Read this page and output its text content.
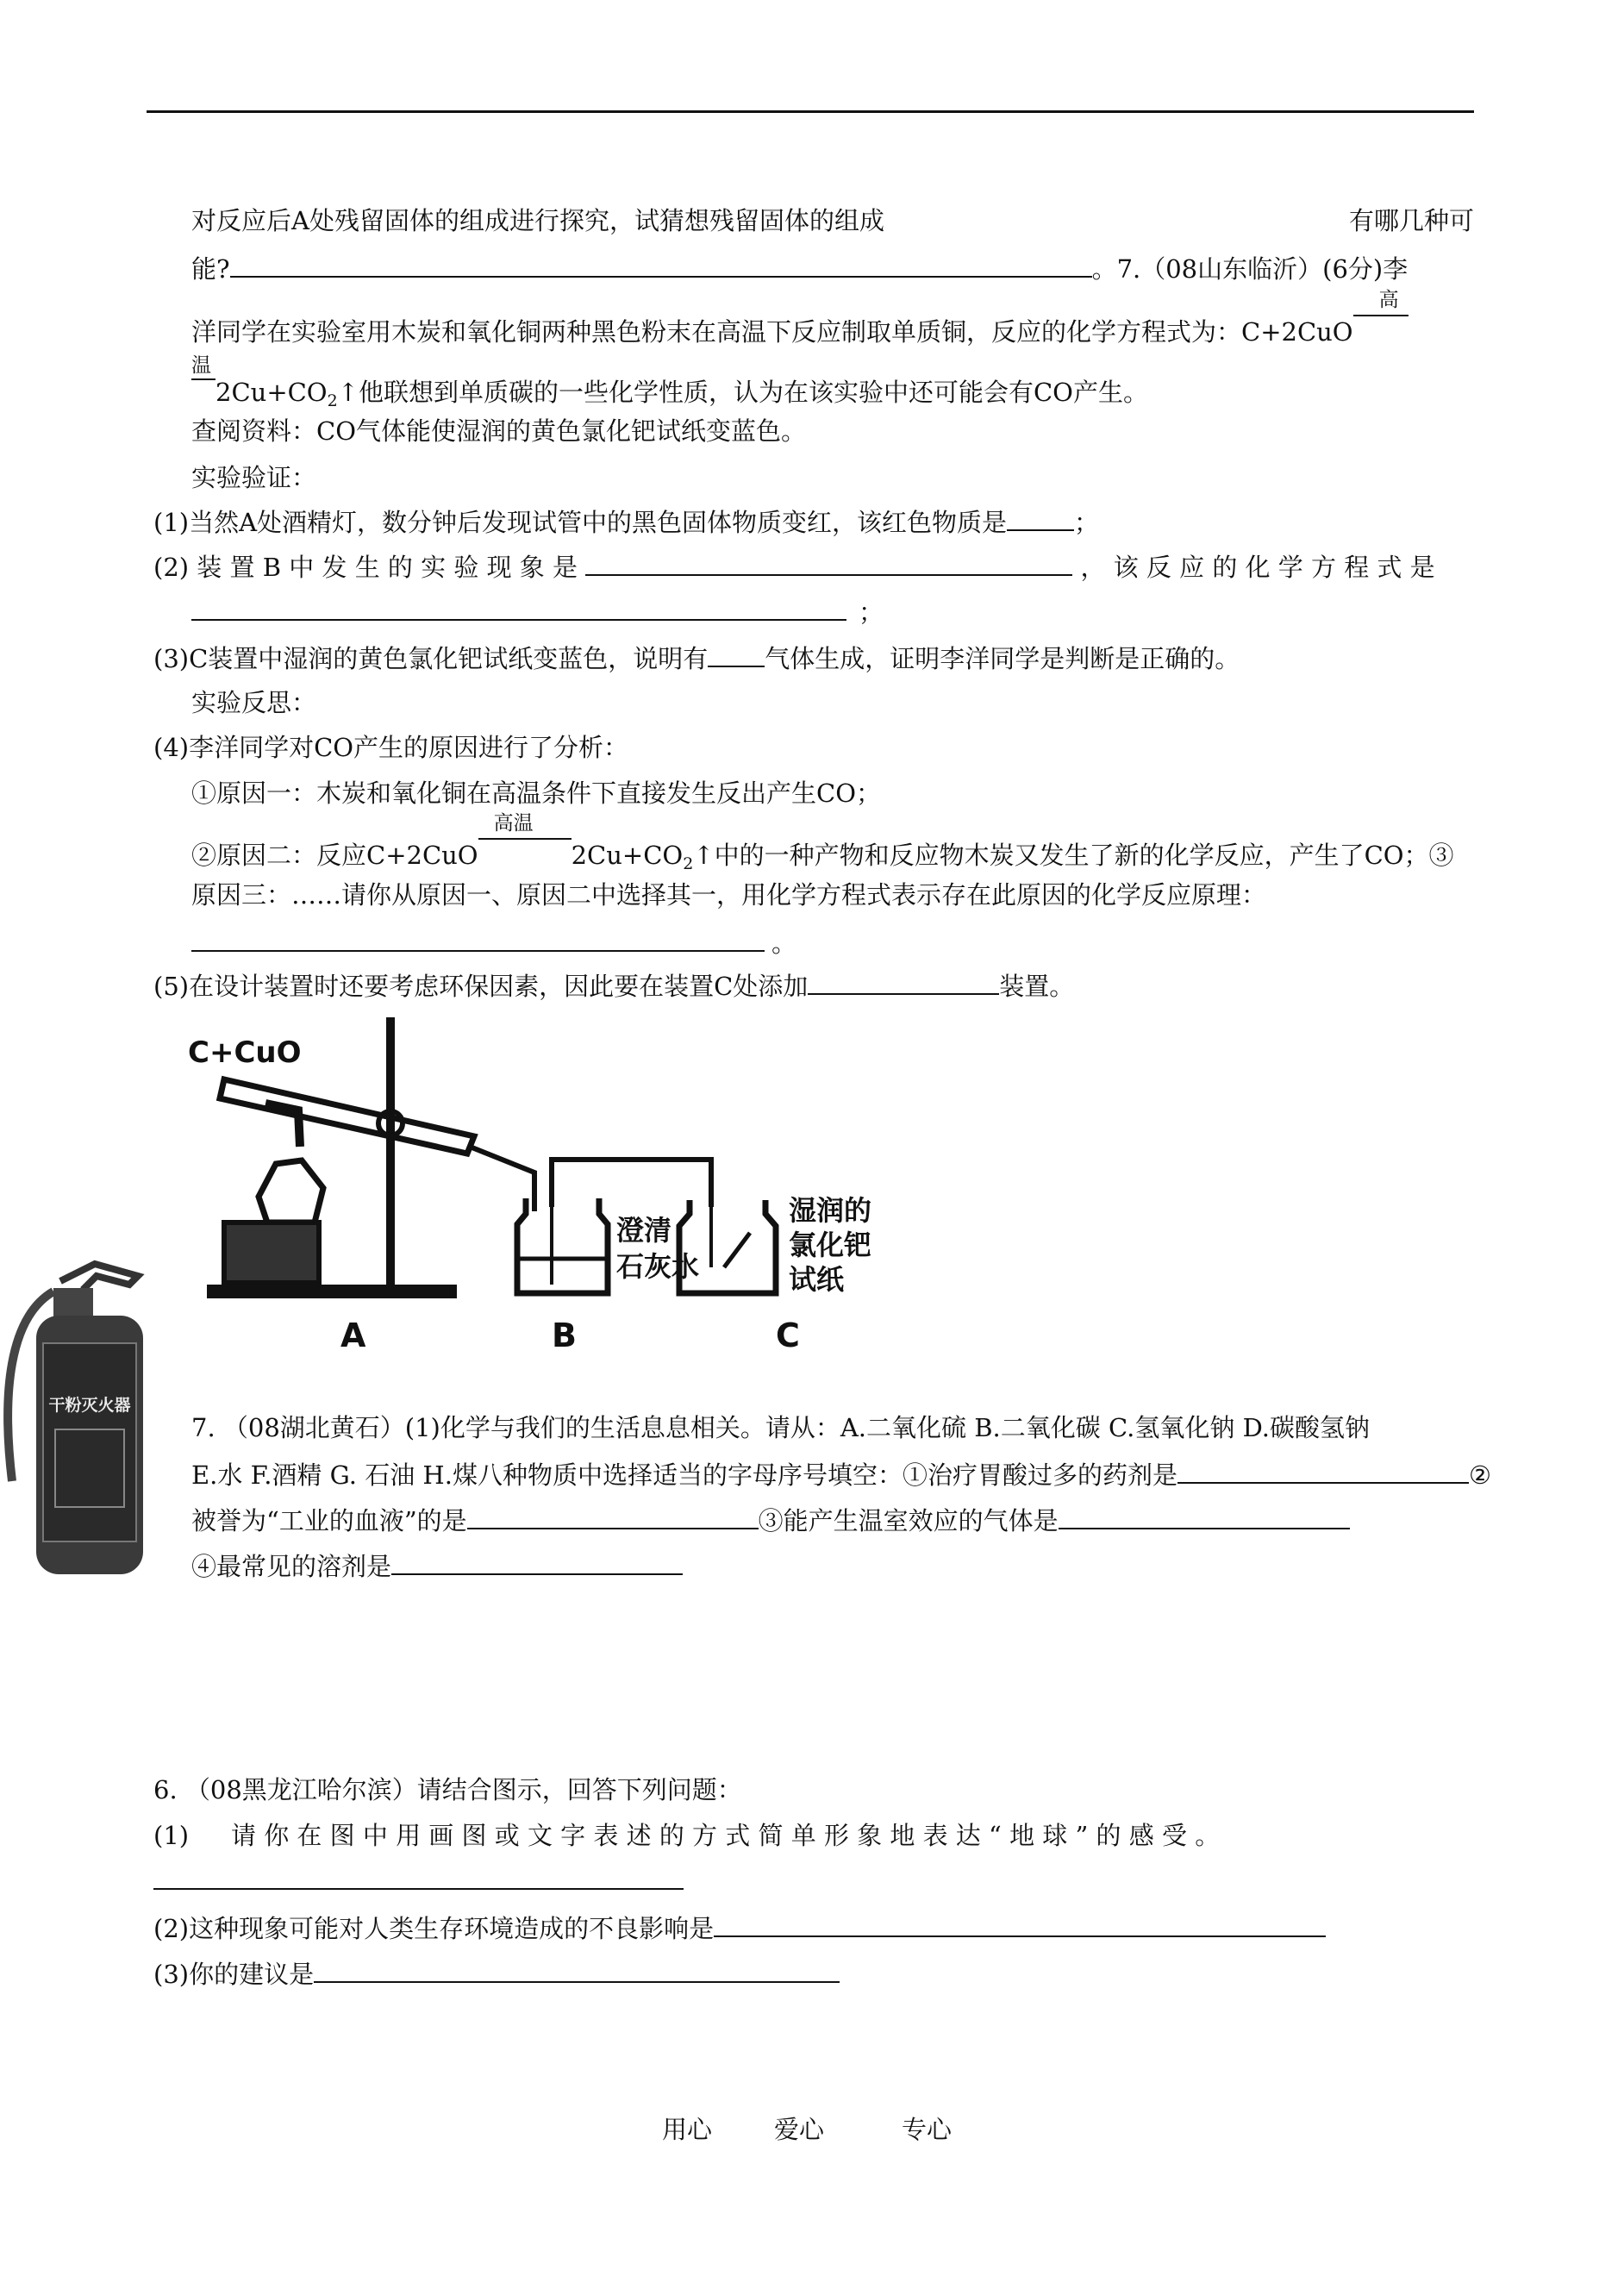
对反应后A处残留固体的组成进行探究，试猜想残留固体的组成	有哪几种可
能?	。7.（08山东临沂）(6分)李
洋同学在实验室用木炭和氧化铜两种黑色粉末在高温下反应制取单质铜，反应的化学方程式为：C+2CuO
高
温
$2Cu+CO_2↑$他联想到单质碳的一些化学性质，认为在该实验中还可能会有CO产生。
查阅资料：CO气体能使湿润的黄色氯化钯试纸变蓝色。
实验验证：
(1)当然A处酒精灯，数分钟后发现试管中的黑色固体物质变红，该红色物质是	；
(2) 装 置 B 中 发 生 的 实 验 现 象 是	， 该 反 应 的 化 学 方 程 式 是
；
(3)C装置中湿润的黄色氯化钯试纸变蓝色，说明有 气体生成，证明李洋同学是判断是正确的。
实验反思：
(4)李洋同学对CO产生的原因进行了分析：
①原因一：木炭和氧化铜在高温条件下直接发生反出产生CO；
②原因二：反应C+2CuO
高温
$2Cu+CO_2↑$中的一种产物和反应物木炭又发生了新的化学反应，产生了CO；③
原因三：……请你从原因一、原因二中选择其一，用化学方程式表示存在此原因的化学反应原理：
。
(5)在设计装置时还要考虑环保因素，因此要在装置C处添加	装置。
C+CuO
澄清
石灰水
湿润的
氯化钯
试纸
A	B	C
干粉灭火器
7. （08湖北黄石）(1)化学与我们的生活息息相关。请从：A.二氧化硫 B.二氧化碳 C.氢氧化钠 D.碳酸氢钠
E.水 F.酒精 G. 石油 H.煤八种物质中选择适当的字母序号填空：①治疗胃酸过多的药剂是	②
被誉为“工业的血液”的是	③能产生温室效应的气体是
④最常见的溶剂是
6. （08黑龙江哈尔滨）请结合图示，回答下列问题：
(1)	请 你 在 图 中 用 画 图 或 文 字 表 述 的 方 式 简 单 形 象 地 表 达 “ 地 球 ” 的 感 受 。
(2)这种现象可能对人类生存环境造成的不良影响是
(3)你的建议是
用心 爱心	专心
